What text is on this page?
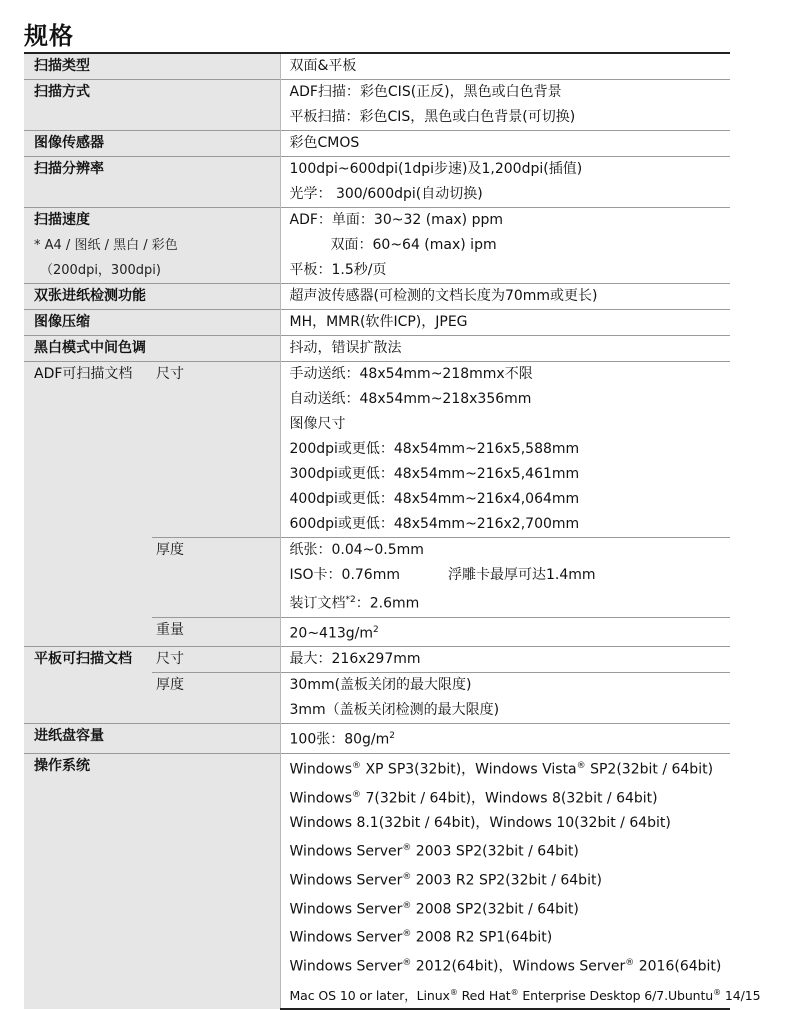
规格
扫描类型		双面&平板
扫描方式		ADF扫描：彩色CIS(正反)，黑色或白色背景
		平板扫描：彩色CIS，黑色或白色背景(可切换)
图像传感器		彩色CMOS
扫描分辨率		100dpi~600dpi(1dpi步速)及1,200dpi(插值)
		光学： 300/600dpi(自动切换)
扫描速度		ADF：单面：30~32 (max) ppm
* A4 / 图纸 / 黑白 / 彩色		双面：60~64 (max) ipm
（200dpi，300dpi)		平板：1.5秒/页
双张进纸检测功能		超声波传感器(可检测的文档长度为70mm或更长)
图像压缩		MH，MMR(软件ICP)，JPEG
黑白模式中间色调		抖动，错误扩散法
ADF可扫描文档	尺寸	手动送纸：48x54mm~218mmx不限
		自动送纸：48x54mm~218x356mm
		图像尺寸
		200dpi或更低：48x54mm~216x5,588mm
		300dpi或更低：48x54mm~216x5,461mm
		400dpi或更低：48x54mm~216x4,064mm
		600dpi或更低：48x54mm~216x2,700mm
	厚度	纸张：0.04~0.5mm
		ISO卡：0.76mm 浮雕卡最厚可达1.4mm
		装订文档$^{*2}$：2.6mm
	重量	$20\sim 413g/m^2$
平板可扫描文档	尺寸	最大：216x297mm
	厚度	30mm(盖板关闭的最大限度)
		3mm（盖板关闭检测的最大限度)
进纸盘容量		100张：$80g/m^2$
操作系统		Windows® XP SP3(32bit)，Windows Vista® SP2(32bit / 64bit)
		Windows® 7(32bit / 64bit)，Windows 8(32bit / 64bit)
		Windows 8.1(32bit / 64bit)，Windows 10(32bit / 64bit)
		Windows Server® 2003 SP2(32bit / 64bit)
		Windows Server® 2003 R2 SP2(32bit / 64bit)
		Windows Server® 2008 SP2(32bit / 64bit)
		Windows Server® 2008 R2 SP1(64bit)
		Windows Server® 2012(64bit)，Windows Server® 2016(64bit)
		Mac OS 10 or later，Linux® Red Hat® Enterprise Desktop 6/7.Ubuntu® 14/15
